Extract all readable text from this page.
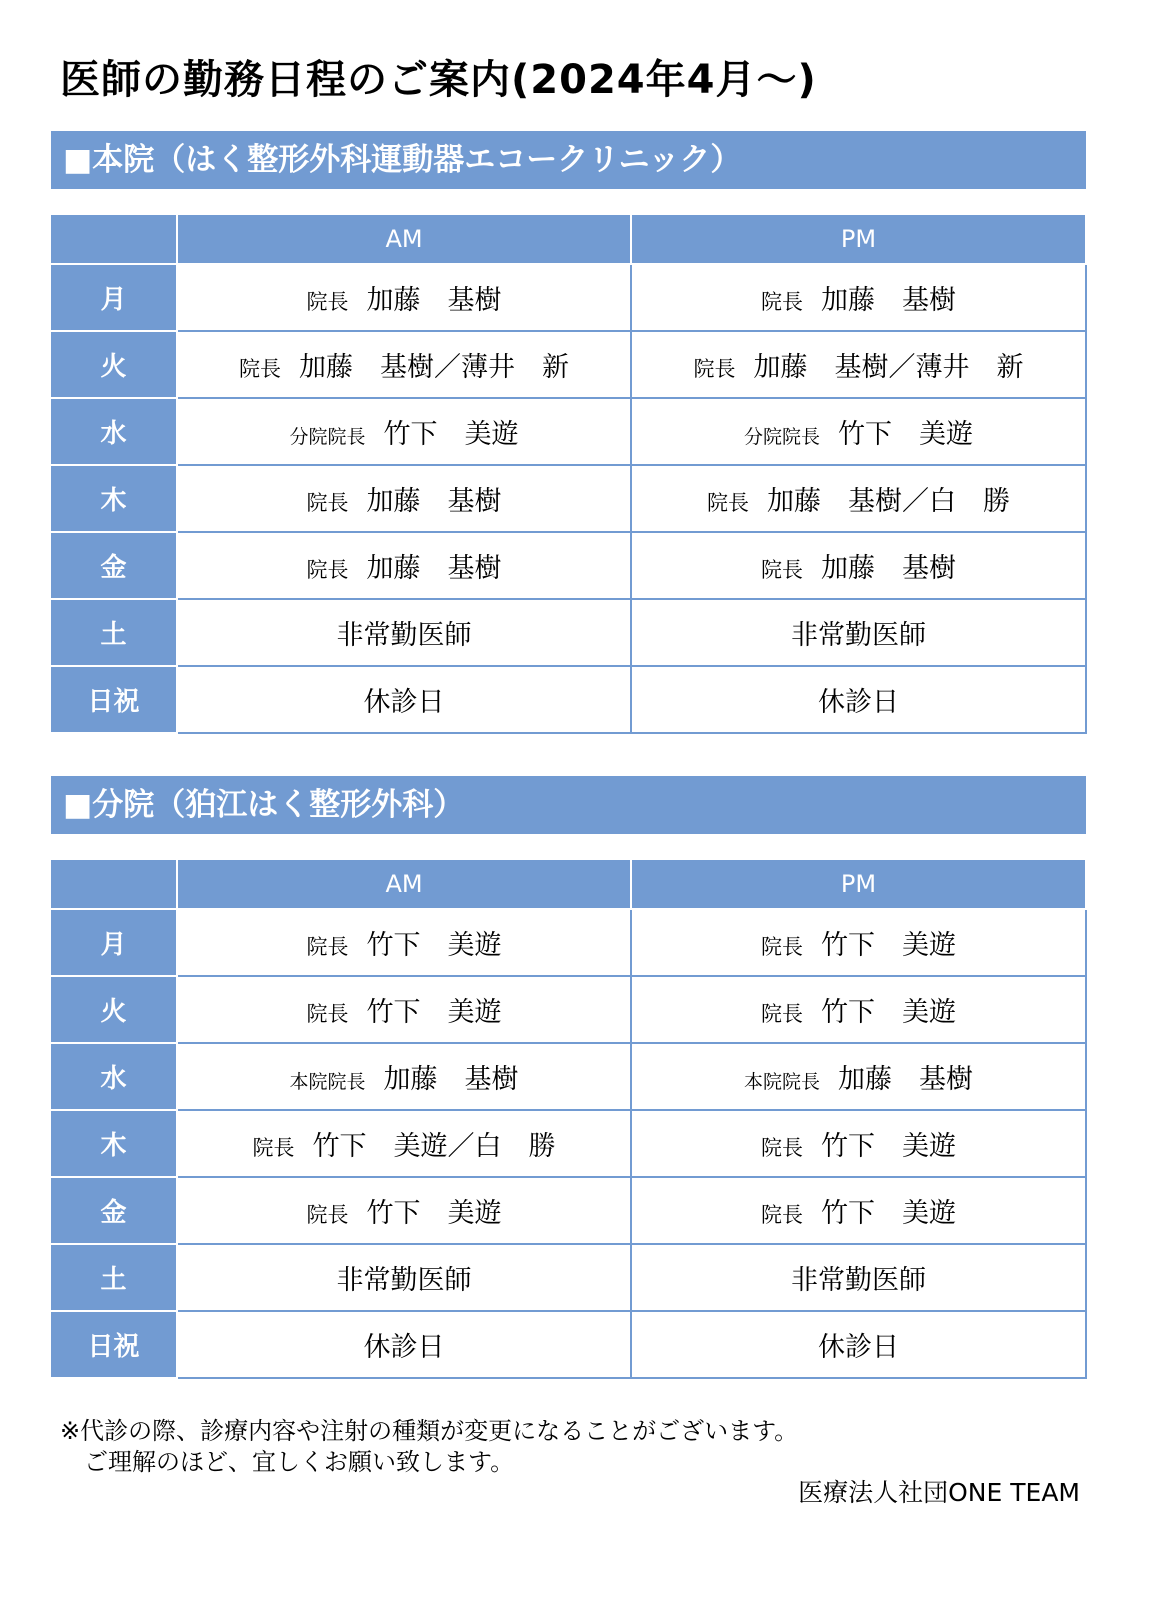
医師の勤務日程のご案内(2024年4月～)
■本院（はく整形外科運動器エコークリニック）
	AM	PM
月	院長 加藤　基樹	院長 加藤　基樹
火	院長 加藤　基樹／薄井　新	院長 加藤　基樹／薄井　新
水	分院院長 竹下　美遊	分院院長 竹下　美遊
木	院長 加藤　基樹	院長 加藤　基樹／白　勝
金	院長 加藤　基樹	院長 加藤　基樹
土	非常勤医師	非常勤医師
日祝	休診日	休診日
■分院（狛江はく整形外科）
	AM	PM
月	院長 竹下　美遊	院長 竹下　美遊
火	院長 竹下　美遊	院長 竹下　美遊
水	本院院長 加藤　基樹	本院院長 加藤　基樹
木	院長 竹下　美遊／白　勝	院長 竹下　美遊
金	院長 竹下　美遊	院長 竹下　美遊
土	非常勤医師	非常勤医師
日祝	休診日	休診日
※代診の際、診療内容や注射の種類が変更になることがございます。
　ご理解のほど、宜しくお願い致します。
医療法人社団ONE TEAM
